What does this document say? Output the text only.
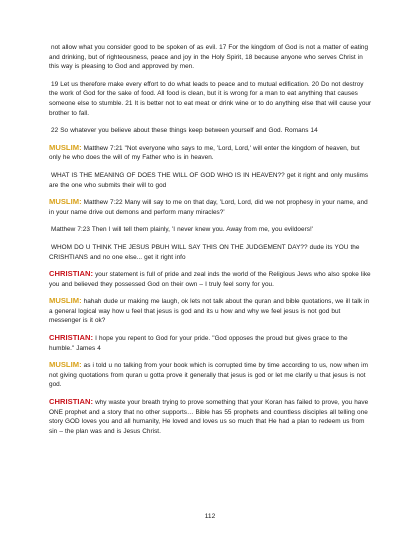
not allow what you consider good to be spoken of as evil. 17 For the kingdom of God is not a matter of eating and drinking, but of righteousness, peace and joy in the Holy Spirit, 18 because anyone who serves Christ in this way is pleasing to God and approved by men.

19 Let us therefore make every effort to do what leads to peace and to mutual edification. 20 Do not destroy the work of God for the sake of food. All food is clean, but it is wrong for a man to eat anything that causes someone else to stumble. 21 It is better not to eat meat or drink wine or to do anything else that will cause your brother to fall.

22 So whatever you believe about these things keep between yourself and God. Romans 14

MUSLIM: Matthew 7:21 "Not everyone who says to me, 'Lord, Lord,' will enter the kingdom of heaven, but only he who does the will of my Father who is in heaven.

WHAT IS THE MEANING OF DOES THE WILL OF GOD WHO IS IN HEAVEN?? get it right and only muslims are the one who submits their will to god

MUSLIM: Matthew 7:22 Many will say to me on that day, 'Lord, Lord, did we not prophesy in your name, and in your name drive out demons and perform many miracles?'

Matthew 7:23 Then I will tell them plainly, 'I never knew you. Away from me, you evildoers!'

WHOM DO U THINK THE JESUS PBUH WILL SAY THIS ON THE JUDGEMENT DAY?? dude its YOU the CRISHTIANS and no one else... get it right info

CHRISTIAN: your statement is full of pride and zeal inds the world of the Religious Jews who also spoke like you and believed they possessed God on their own – I truly feel sorry for you.

MUSLIM: hahah dude ur making me laugh, ok lets not talk about the quran and bible quotations, we ill talk in a general logical way how u feel that jesus is god and its u how and why we feel jesus is not god but messenger is it ok?

CHRISTIAN: I hope you repent to God for your pride. "God opposes the proud but gives grace to the humble." James 4

MUSLIM: as i told u no talking from your book which is corrupted time by time according to us, now when im not giving quotations from quran u gotta prove it generally that jesus is god or let me clarify u that jesus is not god.

CHRISTIAN: why waste your breath trying to prove something that your Koran has failed to prove, you have ONE prophet and a story that no other supports… Bible has 55 prophets and countless disciples all telling one story GOD loves you and all humanity, He loved and loves us so much that He had a plan to redeem us from sin – the plan was and is Jesus Christ.

112
